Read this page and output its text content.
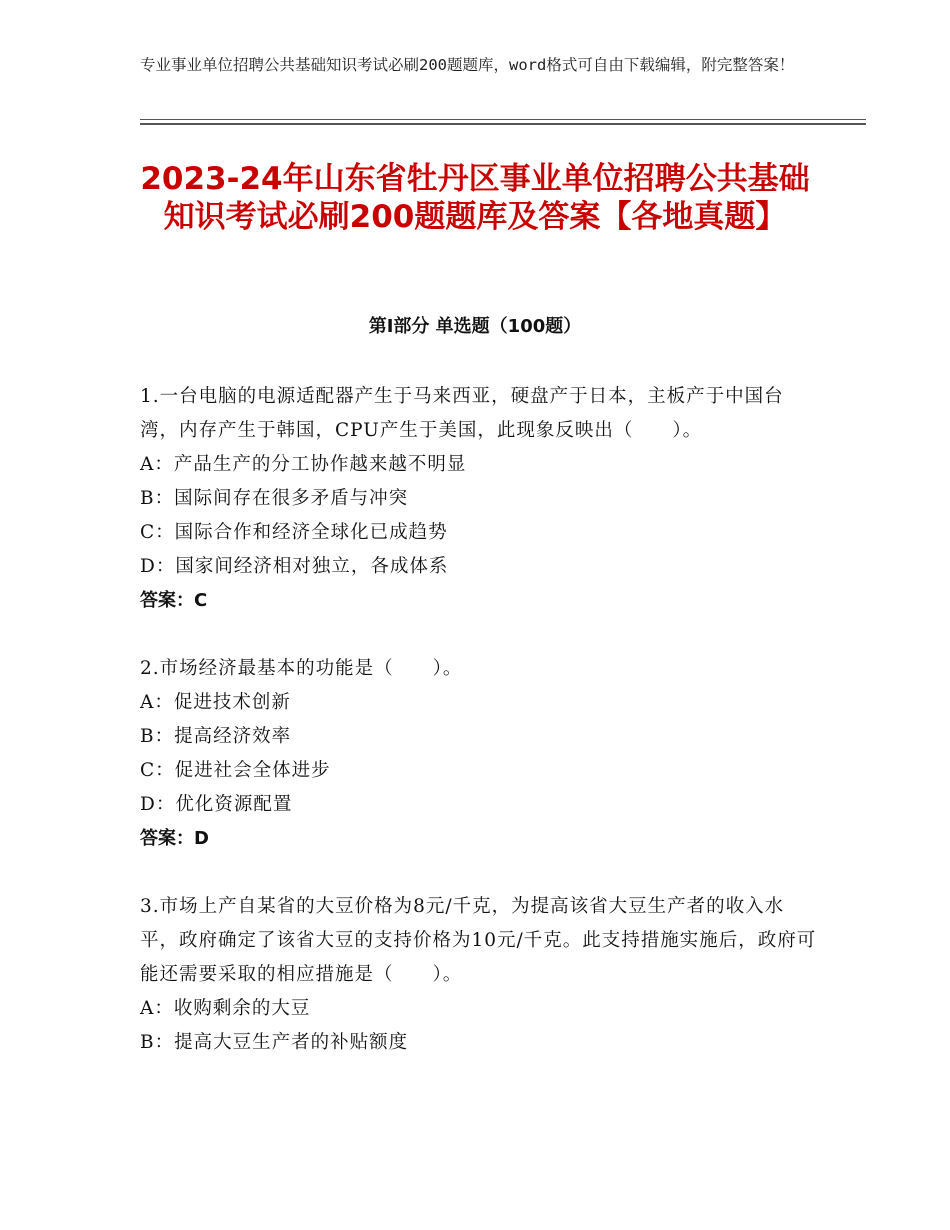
专业事业单位招聘公共基础知识考试必刷200题题库，word格式可自由下载编辑，附完整答案！
2023-24年山东省牡丹区事业单位招聘公共基础知识考试必刷200题题库及答案【各地真题】
第Ⅰ部分 单选题（100题）
1.一台电脑的电源适配器产生于马来西亚，硬盘产于日本，主板产于中国台湾，内存产生于韩国，CPU产生于美国，此现象反映出（　　）。
A：产品生产的分工协作越来越不明显
B：国际间存在很多矛盾与冲突
C：国际合作和经济全球化已成趋势
D：国家间经济相对独立，各成体系
答案：C
2.市场经济最基本的功能是（　　）。
A：促进技术创新
B：提高经济效率
C：促进社会全体进步
D：优化资源配置
答案：D
3.市场上产自某省的大豆价格为8元/千克，为提高该省大豆生产者的收入水平，政府确定了该省大豆的支持价格为10元/千克。此支持措施实施后，政府可能还需要采取的相应措施是（　　）。
A：收购剩余的大豆
B：提高大豆生产者的补贴额度
